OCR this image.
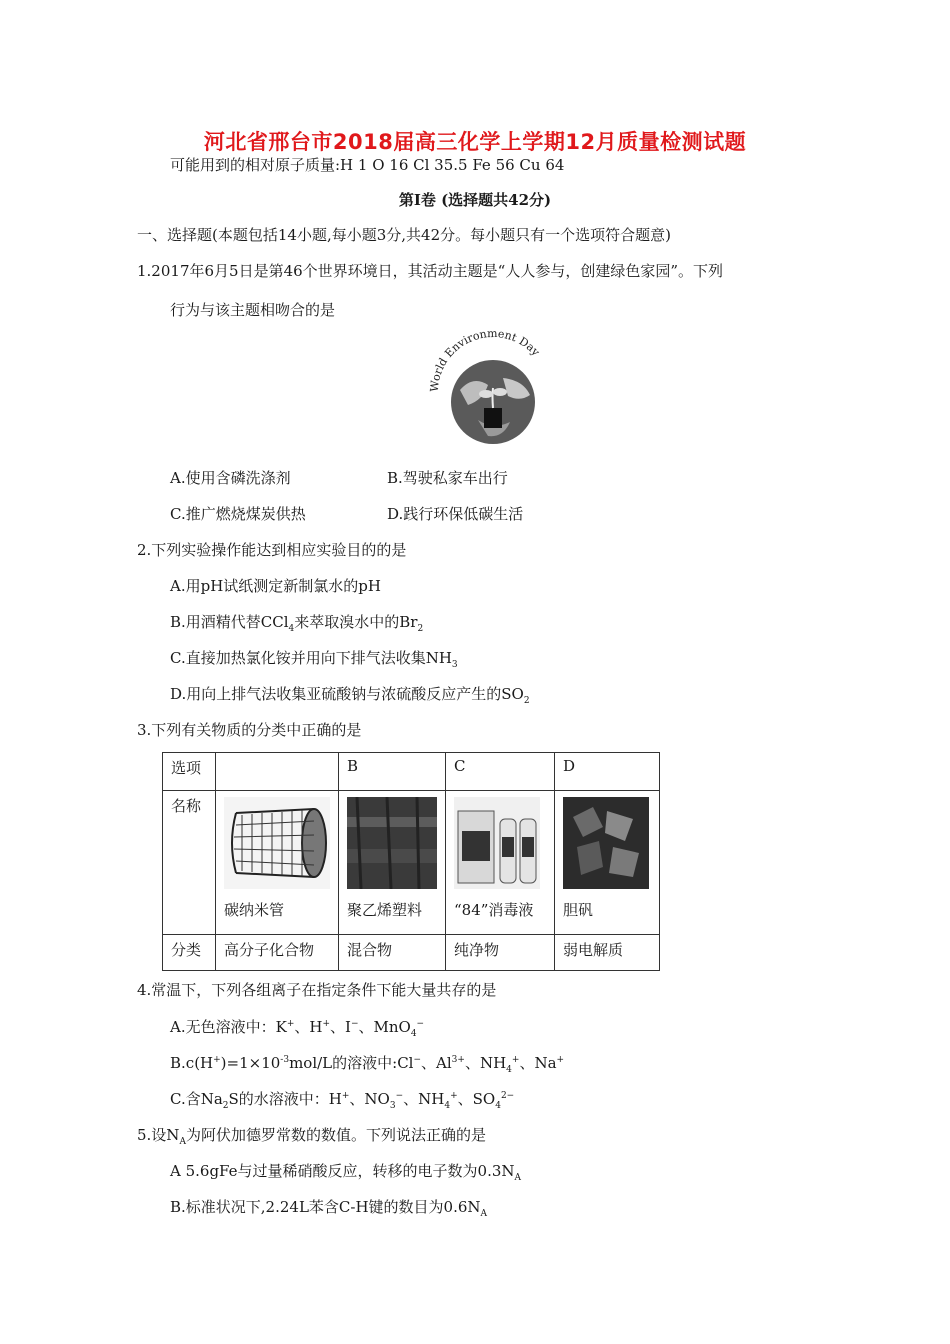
河北省邢台市2018届高三化学上学期12月质量检测试题
可能用到的相对原子质量:H 1 O 16 Cl 35.5 Fe 56 Cu 64
第Ⅰ卷 (选择题共42分)
一、选择题(本题包括14小题,每小题3分,共42分。每小题只有一个选项符合题意)
1.2017年6月5日是第46个世界环境日，其活动主题是“人人参与，创建绿色家园”。下列
行为与该主题相吻合的是
World Environment Day
A.使用含磷洗涤剂	B.驾驶私家车出行
C.推广燃烧煤炭供热	D.践行环保低碳生活
2.下列实验操作能达到相应实验目的的是
A.用pH试纸测定新制氯水的pH
B.用酒精代替CCl$_4$来萃取溴水中的$Br_2$
C.直接加热氯化铵并用向下排气法收集$NH_3$
D.用向上排气法收集亚硫酸钠与浓硫酸反应产生的$SO_2$
3.下列有关物质的分类中正确的是
选项		B	C	D
名称	碳纳米管	聚乙烯塑料	“84”消毒液	胆矾
分类	高分子化合物	混合物	纯净物	弱电解质
4.常温下，下列各组离子在指定条件下能大量共存的是
A.无色溶液中：K+、H+、I−、MnO$_4$−
$B.c(H^+)=1\times 10^{-3}mol/L$的溶液中:Cl−、$Al^{3+}$、$NH_4^+$、Na+
C.含$Na_2S$的水溶液中：H+、$NO_3^-$、$NH_4^+$、$SO_4^{2-}$
5.设$N_A$为阿伏加德罗常数的数值。下列说法正确的是
A 5.6gFe与过量稀硝酸反应，转移的电子数为$0.3N_A$
B.标准状况下,2.24L苯含C-H键的数目为$0.6N_A$
